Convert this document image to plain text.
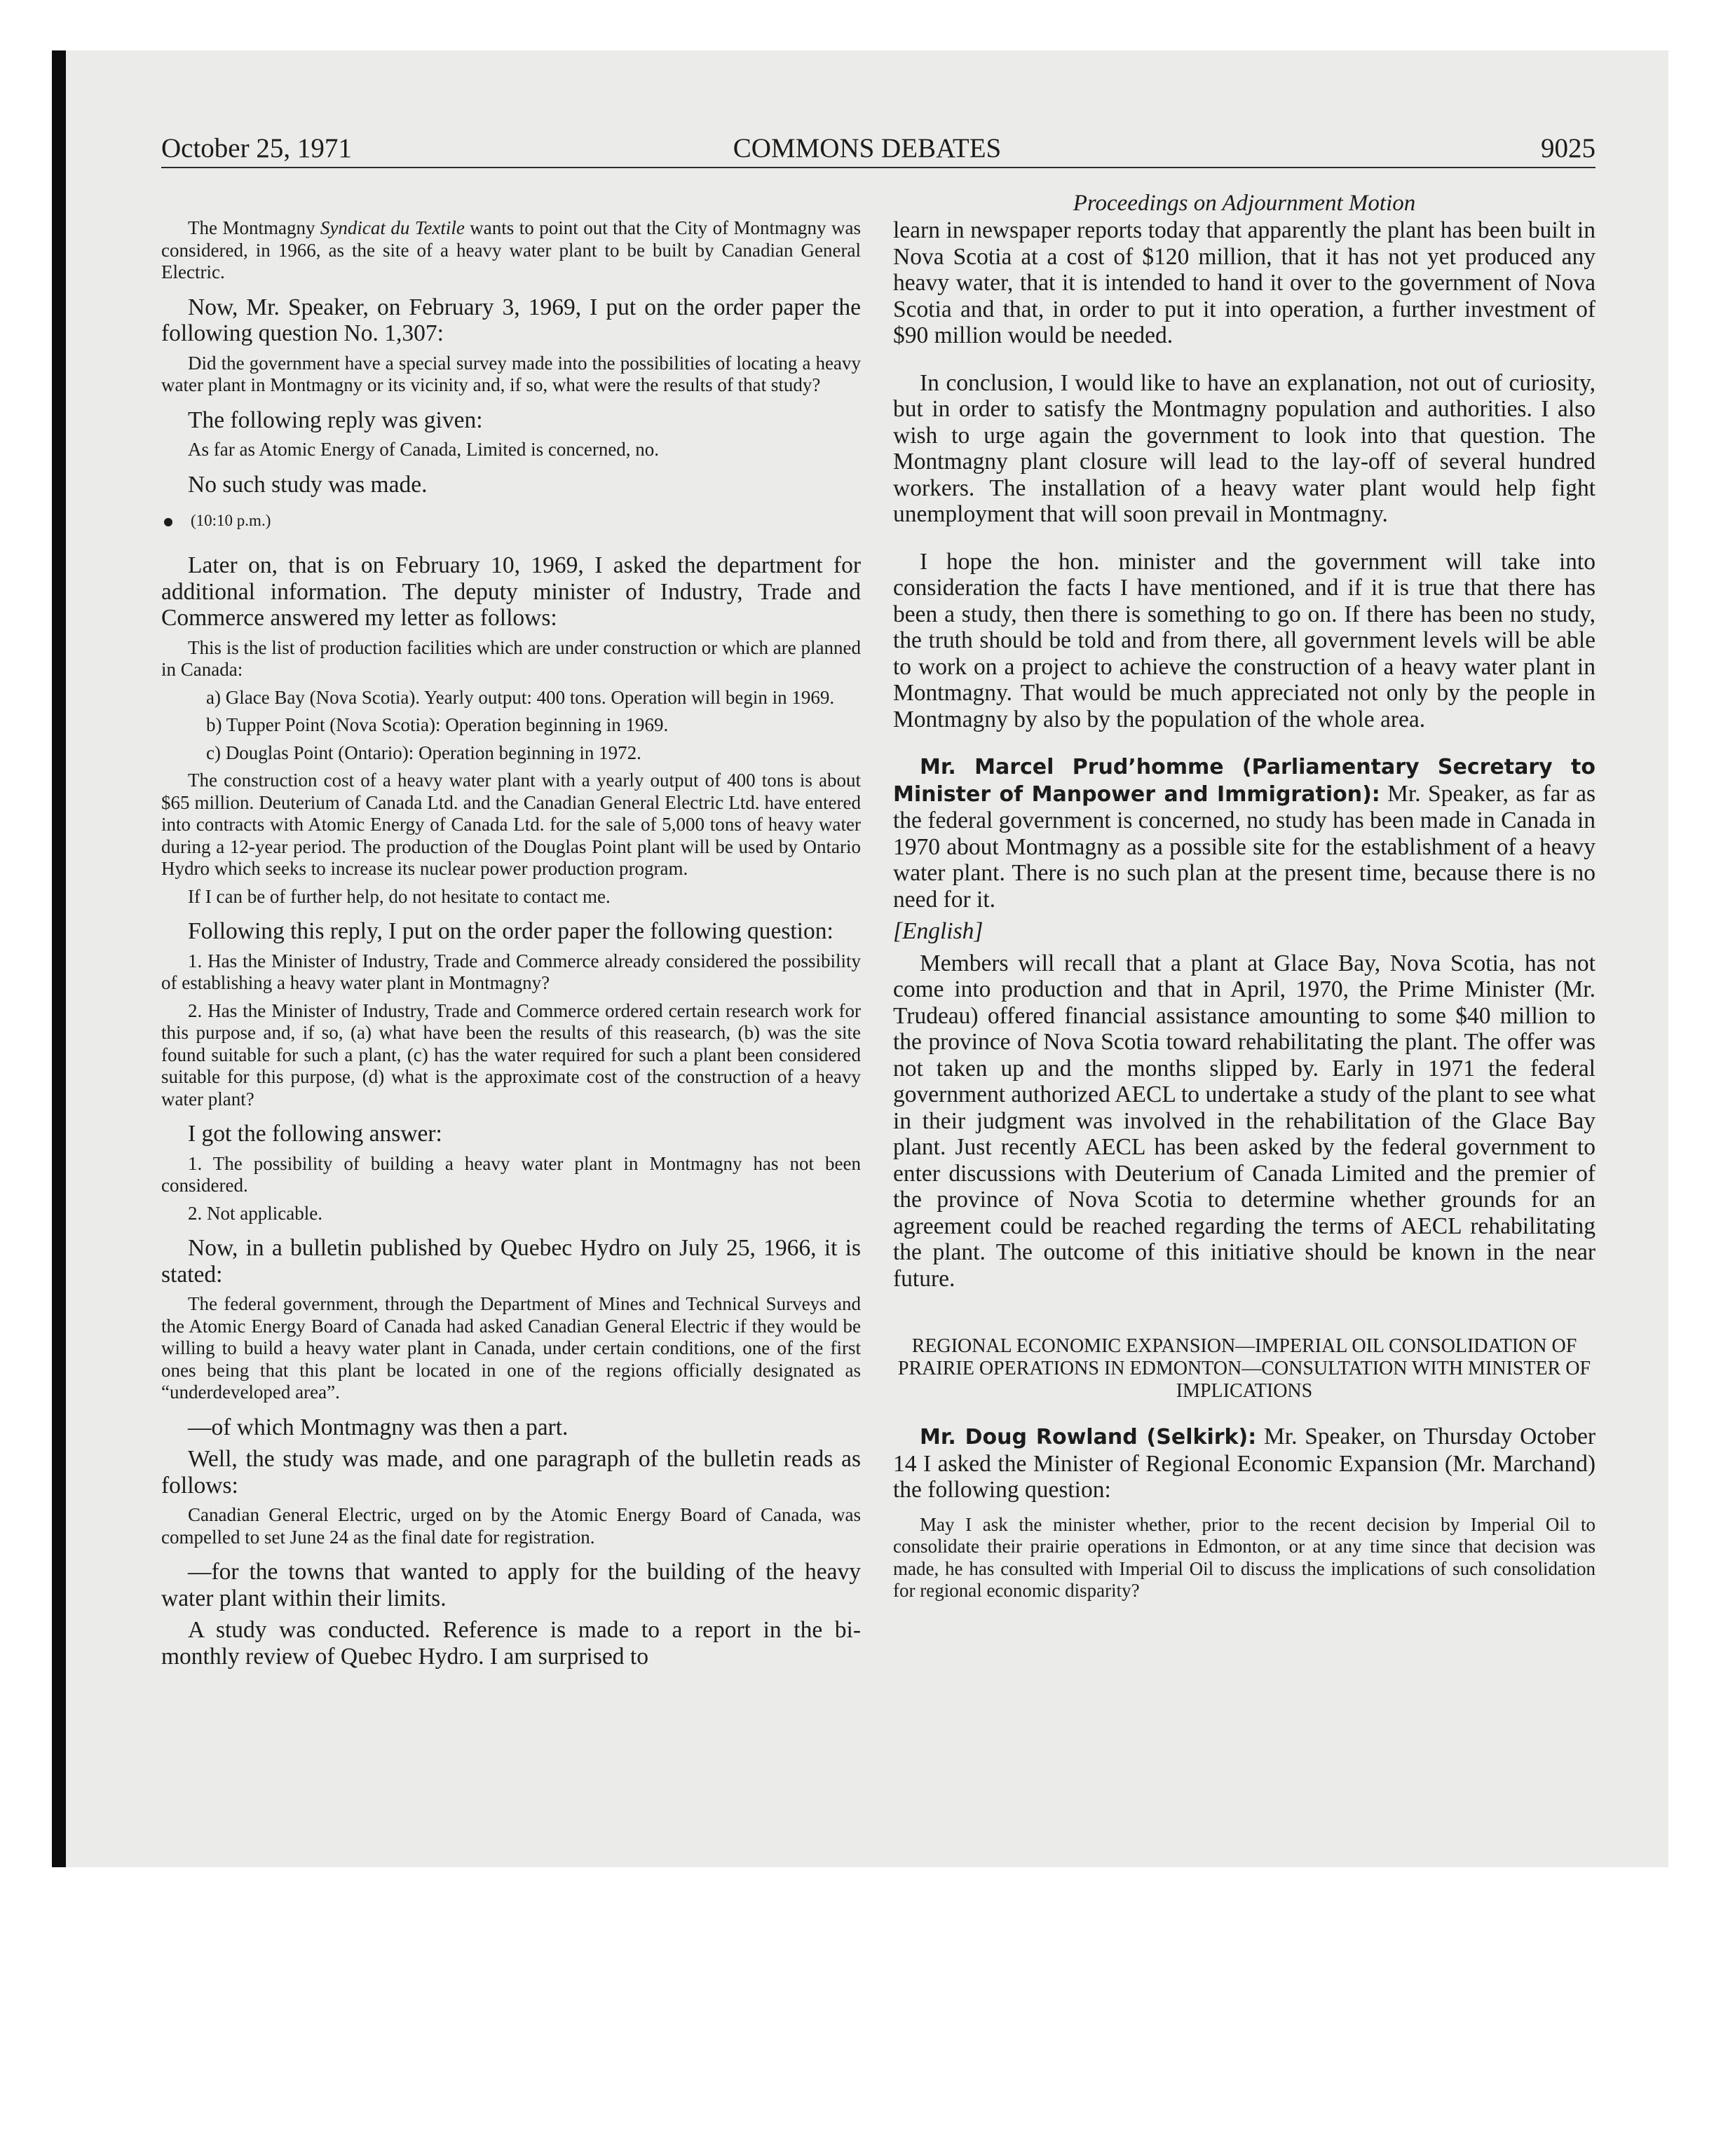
October 25, 1971	COMMONS DEBATES	9025
Proceedings on Adjournment Motion

The Montmagny Syndicat du Textile wants to point out that the City of Montmagny was considered, in 1966, as the site of a heavy water plant to be built by Canadian General Electric.

Now, Mr. Speaker, on February 3, 1969, I put on the order paper the following question No. 1,307:

Did the government have a special survey made into the possibilities of locating a heavy water plant in Montmagny or its vicinity and, if so, what were the results of that study?

The following reply was given:

As far as Atomic Energy of Canada, Limited is concerned, no.

No such study was made.

(10:10 p.m.)

Later on, that is on February 10, 1969, I asked the department for additional information. The deputy minister of Industry, Trade and Commerce answered my letter as follows:

This is the list of production facilities which are under construction or which are planned in Canada:

a) Glace Bay (Nova Scotia). Yearly output: 400 tons. Operation will begin in 1969.

b) Tupper Point (Nova Scotia): Operation beginning in 1969.

c) Douglas Point (Ontario): Operation beginning in 1972.

The construction cost of a heavy water plant with a yearly output of 400 tons is about $65 million. Deuterium of Canada Ltd. and the Canadian General Electric Ltd. have entered into contracts with Atomic Energy of Canada Ltd. for the sale of 5,000 tons of heavy water during a 12-year period. The production of the Douglas Point plant will be used by Ontario Hydro which seeks to increase its nuclear power production program.

If I can be of further help, do not hesitate to contact me.

Following this reply, I put on the order paper the following question:

1. Has the Minister of Industry, Trade and Commerce already considered the possibility of establishing a heavy water plant in Montmagny?

2. Has the Minister of Industry, Trade and Commerce ordered certain research work for this purpose and, if so, (a) what have been the results of this reasearch, (b) was the site found suitable for such a plant, (c) has the water required for such a plant been considered suitable for this purpose, (d) what is the approximate cost of the construction of a heavy water plant?

I got the following answer:

1. The possibility of building a heavy water plant in Montmagny has not been considered.

2. Not applicable.

Now, in a bulletin published by Quebec Hydro on July 25, 1966, it is stated:

The federal government, through the Department of Mines and Technical Surveys and the Atomic Energy Board of Canada had asked Canadian General Electric if they would be willing to build a heavy water plant in Canada, under certain conditions, one of the first ones being that this plant be located in one of the regions officially designated as “underdeveloped area”.

—of which Montmagny was then a part.

Well, the study was made, and one paragraph of the bulletin reads as follows:

Canadian General Electric, urged on by the Atomic Energy Board of Canada, was compelled to set June 24 as the final date for registration.

—for the towns that wanted to apply for the building of the heavy water plant within their limits.

A study was conducted. Reference is made to a report in the bi-monthly review of Quebec Hydro. I am surprised to

learn in newspaper reports today that apparently the plant has been built in Nova Scotia at a cost of $120 million, that it has not yet produced any heavy water, that it is intended to hand it over to the government of Nova Scotia and that, in order to put it into operation, a further investment of $90 million would be needed.

In conclusion, I would like to have an explanation, not out of curiosity, but in order to satisfy the Montmagny population and authorities. I also wish to urge again the government to look into that question. The Montmagny plant closure will lead to the lay-off of several hundred workers. The installation of a heavy water plant would help fight unemployment that will soon prevail in Montmagny.

I hope the hon. minister and the government will take into consideration the facts I have mentioned, and if it is true that there has been a study, then there is something to go on. If there has been no study, the truth should be told and from there, all government levels will be able to work on a project to achieve the construction of a heavy water plant in Montmagny. That would be much appreciated not only by the people in Montmagny by also by the population of the whole area.

Mr. Marcel Prud’homme (Parliamentary Secretary to Minister of Manpower and Immigration): Mr. Speaker, as far as the federal government is concerned, no study has been made in Canada in 1970 about Montmagny as a possible site for the establishment of a heavy water plant. There is no such plan at the present time, because there is no need for it.

[English]

Members will recall that a plant at Glace Bay, Nova Scotia, has not come into production and that in April, 1970, the Prime Minister (Mr. Trudeau) offered financial assistance amounting to some $40 million to the province of Nova Scotia toward rehabilitating the plant. The offer was not taken up and the months slipped by. Early in 1971 the federal government authorized AECL to undertake a study of the plant to see what in their judgment was involved in the rehabilitation of the Glace Bay plant. Just recently AECL has been asked by the federal government to enter discussions with Deuterium of Canada Limited and the premier of the province of Nova Scotia to determine whether grounds for an agreement could be reached regarding the terms of AECL rehabilitating the plant. The outcome of this initiative should be known in the near future.

REGIONAL ECONOMIC EXPANSION—IMPERIAL OIL CONSOLIDATION OF PRAIRIE OPERATIONS IN EDMONTON—CONSULTATION WITH MINISTER OF IMPLICATIONS

Mr. Doug Rowland (Selkirk): Mr. Speaker, on Thursday October 14 I asked the Minister of Regional Economic Expansion (Mr. Marchand) the following question:

May I ask the minister whether, prior to the recent decision by Imperial Oil to consolidate their prairie operations in Edmonton, or at any time since that decision was made, he has consulted with Imperial Oil to discuss the implications of such consolidation for regional economic disparity?
